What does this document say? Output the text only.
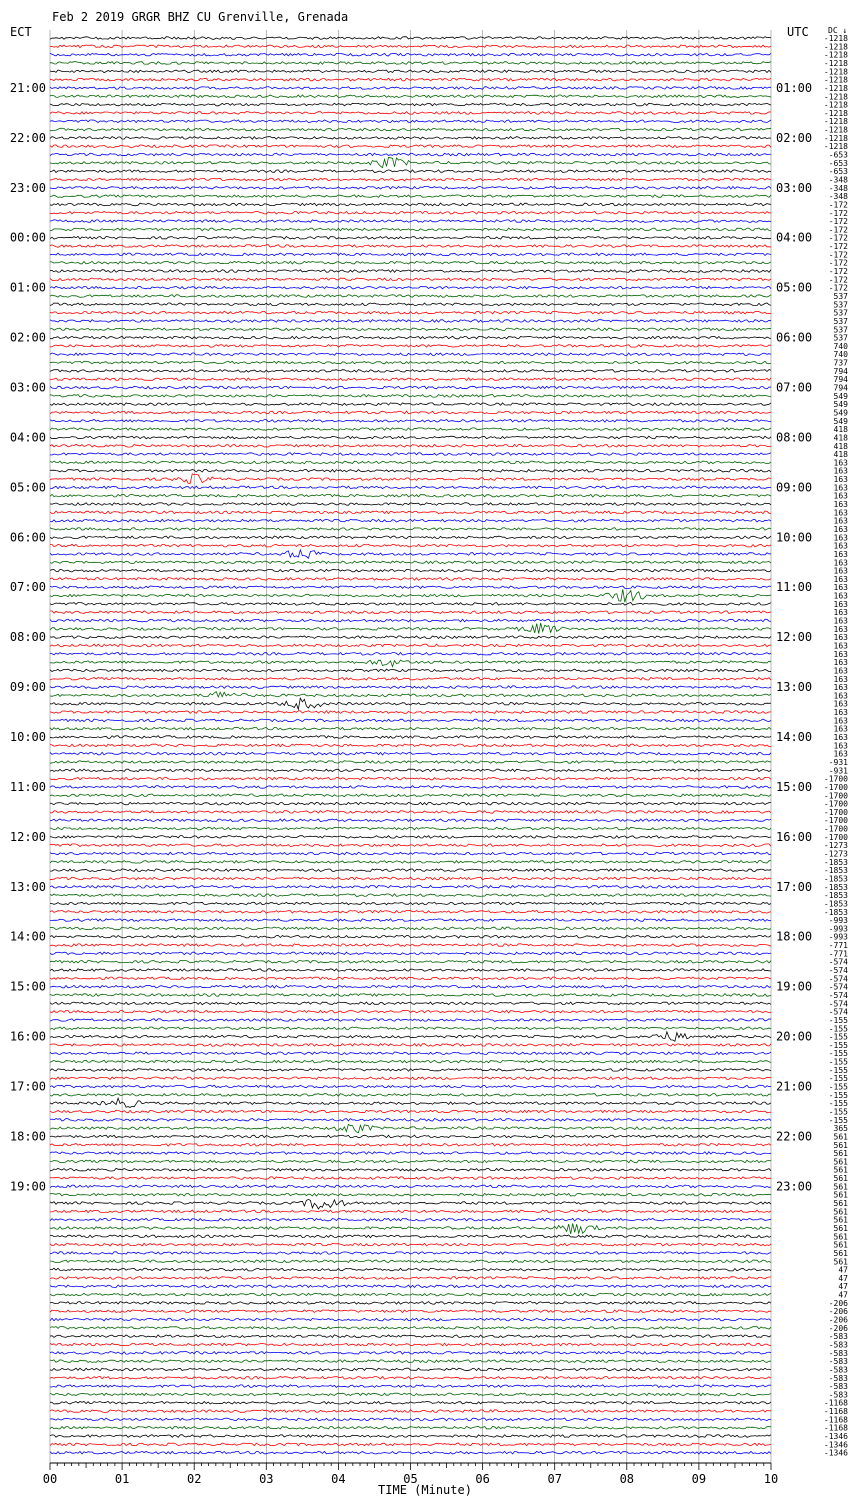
Feb 2 2019 GRGR BHZ CU Grenville, Grenada
ECT	UTC DC ↓
21:00
22:00
23:00
00:00
01:00
02:00
03:00
04:00
05:00
06:00
07:00
08:00
09:00
10:00
11:00
12:00
13:00
14:00
15:00
16:00
17:00
18:00
19:00
01:00
02:00
03:00
04:00
05:00
06:00
07:00
08:00
09:00
10:00
11:00
12:00
13:00
14:00
15:00
16:00
17:00
18:00
19:00
20:00
21:00
22:00
23:00
-1218
-1218
-1218
-1218
-1218
-1218
-1218
-1218
-1218
-1218
-1218
-1218
-1218
-1218
-653
-653
-653
-348
-348
-348
-172
-172
-172
-172
-172
-172
-172
-172
-172
-172
-172
537
537
537
537
537
537
740
740
737
794
794
794
549
549
549
549
418
418
418
418
163
163
163
163
163
163
163
163
163
163
163
163
163
163
163
163
163
163
163
163
163
163
163
163
163
163
163
163
163
163
163
163
163
163
163
163
-931
-931
-1700
-1700
-1700
-1700
-1700
-1700
-1700
-1700
-1273
-1273
-1853
-1853
-1853
-1853
-1853
-1853
-1853
-993
-993
-993
-771
-771
-574
-574
-574
-574
-574
-574
-574
-155
-155
-155
-155
-155
-155
-155
-155
-155
-155
-155
-155
-155
365
561
561
561
561
561
561
561
561
561
561
561
561
561
561
561
561
47
47
47
47
-206
-206
-206
-206
-583
-583
-583
-583
-583
-583
-583
-583
-1168
-1168
-1168
-1168
-1346
-1346
-1346
00	01	02	03	04	05	06	07	08	09	10
TIME (Minute)
